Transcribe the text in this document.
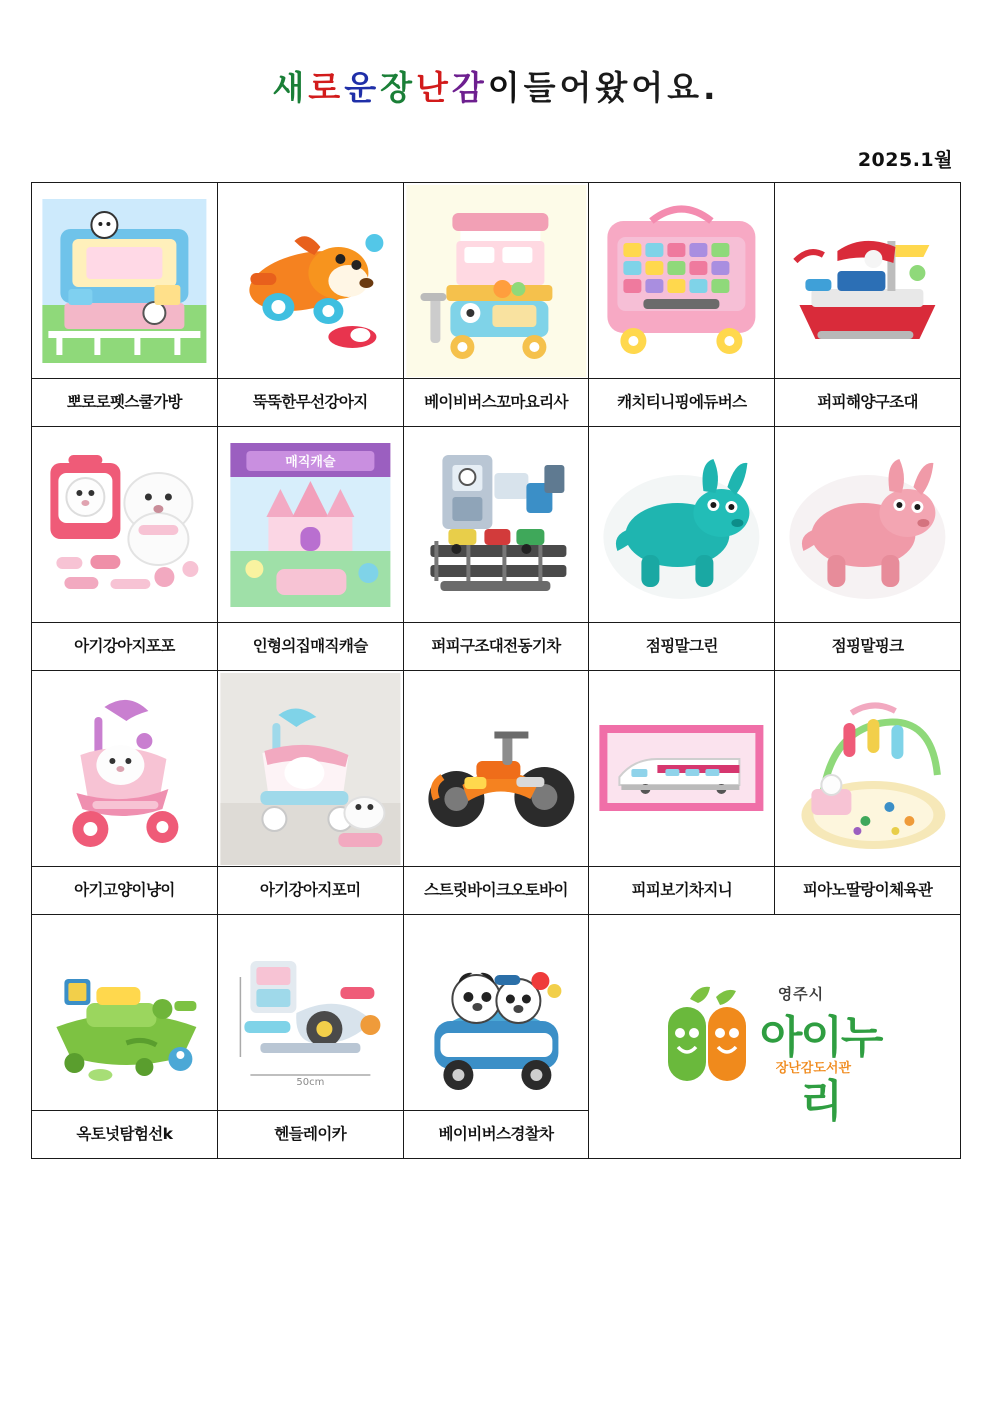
새로운장난감이들어왔어요.
2025.1월

뽀로로펫스쿨가방	뚝뚝한무선강아지	베이비버스꼬마요리사	캐치티니핑에듀버스	퍼피해양구조대

매직캐슬

아기강아지포포	인형의집매직캐슬	퍼피구조대전동기차	점핑말그린	점핑말핑크

아기고양이냥이	아기강아지포미	스트릿바이크오토바이	피피보기차지니	피아노딸랑이체육관

50cm		영주시
아이누리
장난감도서관	

옥토넛탐험선k	헨들레이카	베이비버스경찰차		
